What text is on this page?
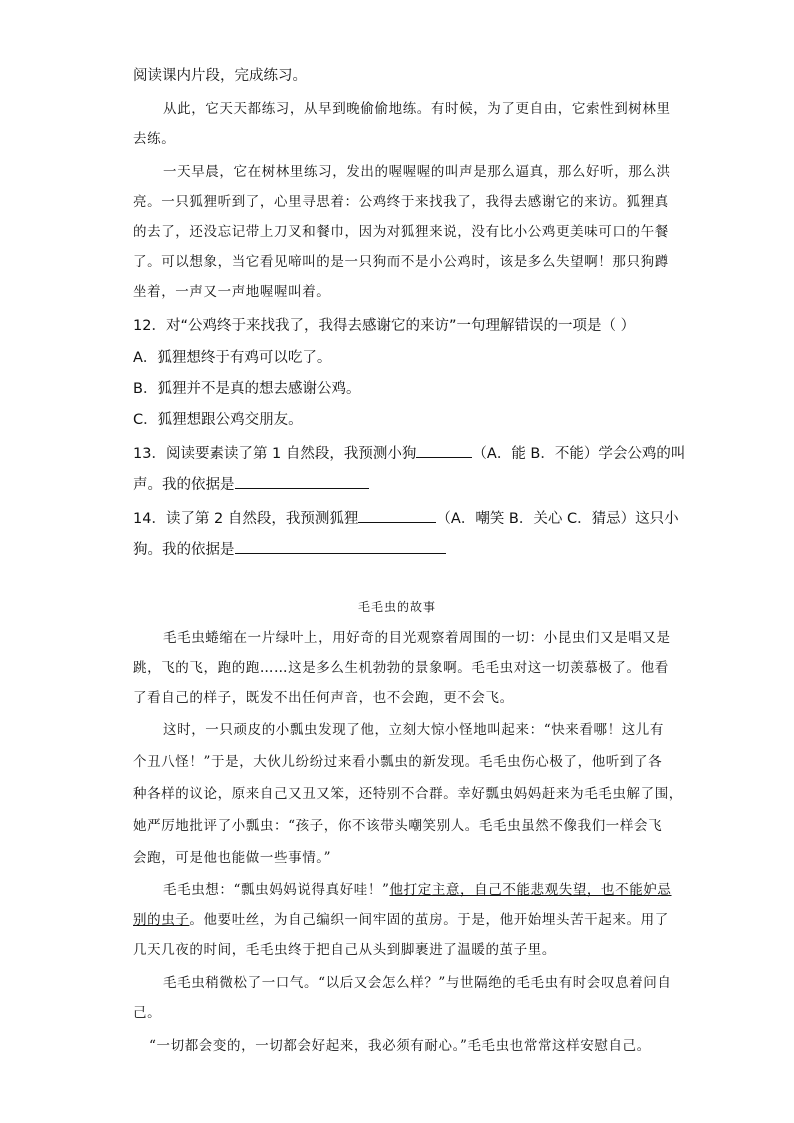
阅读课内片段，完成练习。
从此，它天天都练习，从早到晚偷偷地练。有时候，为了更自由，它索性到树林里
去练。
一天早晨，它在树林里练习，发出的喔喔喔的叫声是那么逼真，那么好听，那么洪
亮。一只狐狸听到了，心里寻思着：公鸡终于来找我了，我得去感谢它的来访。狐狸真
的去了，还没忘记带上刀叉和餐巾，因为对狐狸来说，没有比小公鸡更美味可口的午餐
了。可以想象，当它看见啼叫的是一只狗而不是小公鸡时，该是多么失望啊！那只狗蹲
坐着，一声又一声地喔喔叫着。
12．对“公鸡终于来找我了，我得去感谢它的来访”一句理解错误的一项是（ ）
A．狐狸想终于有鸡可以吃了。
B．狐狸并不是真的想去感谢公鸡。
C．狐狸想跟公鸡交朋友。
13．阅读要素读了第 1 自然段，我预测小狗	（A．能 B．不能）学会公鸡的叫
声。我的依据是
14．读了第 2 自然段，我预测狐狸	（A．嘲笑 B．关心 C．猜忌）这只小
狗。我的依据是
毛毛虫的故事
毛毛虫蜷缩在一片绿叶上，用好奇的目光观察着周围的一切：小昆虫们又是唱又是
跳，飞的飞，跑的跑……这是多么生机勃勃的景象啊。毛毛虫对这一切羡慕极了。他看
了看自己的样子，既发不出任何声音，也不会跑，更不会飞。
这时，一只顽皮的小瓢虫发现了他，立刻大惊小怪地叫起来：“快来看哪！这儿有
个丑八怪！”于是，大伙儿纷纷过来看小瓢虫的新发现。毛毛虫伤心极了，他听到了各
种各样的议论，原来自己又丑又笨，还特别不合群。幸好瓢虫妈妈赶来为毛毛虫解了围，
她严厉地批评了小瓢虫：“孩子，你不该带头嘲笑别人。毛毛虫虽然不像我们一样会飞
会跑，可是他也能做一些事情。”
毛毛虫想：“瓢虫妈妈说得真好哇！”他打定主意，自己不能悲观失望，也不能妒忌
别的虫子。他要吐丝，为自己编织一间牢固的茧房。于是，他开始埋头苦干起来。用了
几天几夜的时间，毛毛虫终于把自己从头到脚裹进了温暖的茧子里。
毛毛虫稍微松了一口气。“以后又会怎么样？”与世隔绝的毛毛虫有时会叹息着问自
己。
“一切都会变的，一切都会好起来，我必须有耐心。”毛毛虫也常常这样安慰自己。
